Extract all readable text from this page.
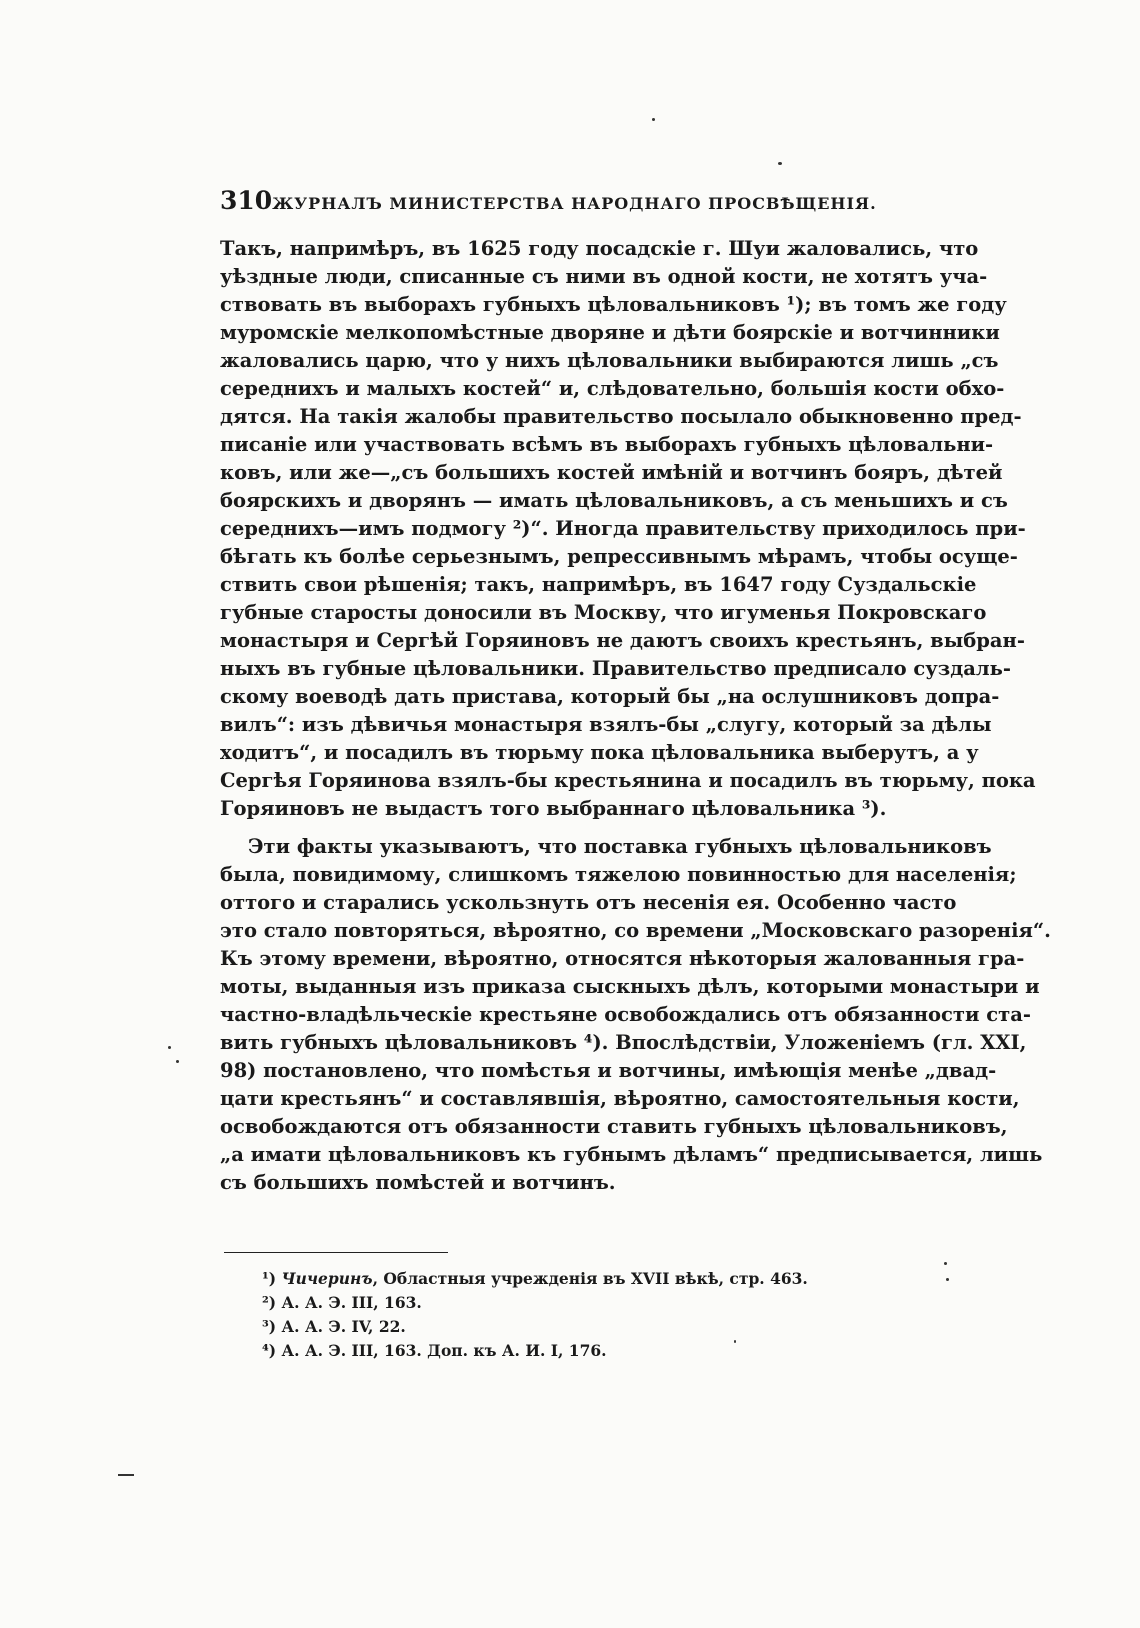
310 ЖУРНАЛЪ МИНИСТЕРСТВА НАРОДНАГО ПРОСВѢЩЕНІЯ.
Такъ, напримѣръ, въ 1625 году посадскіе г. Шуи жаловались, что
уѣздные люди, списанные съ ними въ одной кости, не хотятъ уча-
ствовать въ выборахъ губныхъ цѣловальниковъ ¹); въ томъ же году
муромскіе мелкопомѣстные дворяне и дѣти боярскіе и вотчинники
жаловались царю, что у нихъ цѣловальники выбираются лишь „съ
середнихъ и малыхъ костей“ и, слѣдовательно, большія кости обхо-
дятся. На такія жалобы правительство посылало обыкновенно пред-
писаніе или участвовать всѣмъ въ выборахъ губныхъ цѣловальни-
ковъ, или же—„съ большихъ костей имѣній и вотчинъ бояръ, дѣтей
боярскихъ и дворянъ — имать цѣловальниковъ, а съ меньшихъ и съ
середнихъ—имъ подмогу ²)“. Иногда правительству приходилось при-
бѣгать къ болѣе серьезнымъ, репрессивнымъ мѣрамъ, чтобы осуще-
ствить свои рѣшенія; такъ, напримѣръ, въ 1647 году Суздальскіе
губные старосты доносили въ Москву, что игуменья Покровскаго
монастыря и Сергѣй Горяиновъ не даютъ своихъ крестьянъ, выбран-
ныхъ въ губные цѣловальники. Правительство предписало суздаль-
скому воеводѣ дать пристава, который бы „на ослушниковъ допра-
вилъ“: изъ дѣвичья монастыря взялъ-бы „слугу, который за дѣлы
ходитъ“, и посадилъ въ тюрьму пока цѣловальника выберутъ, а у
Сергѣя Горяинова взялъ-бы крестьянина и посадилъ въ тюрьму, пока
Горяиновъ не выдастъ того выбраннаго цѣловальника ³).
Эти факты указываютъ, что поставка губныхъ цѣловальниковъ
была, повидимому, слишкомъ тяжелою повинностью для населенія;
оттого и старались ускользнуть отъ несенія ея. Особенно часто
это стало повторяться, вѣроятно, со времени „Московскаго разоренія“.
Къ этому времени, вѣроятно, относятся нѣкоторыя жалованныя гра-
моты, выданныя изъ приказа сыскныхъ дѣлъ, которыми монастыри и
частно-владѣльческіе крестьяне освобождались отъ обязанности ста-
вить губныхъ цѣловальниковъ ⁴). Впослѣдствіи, Уложеніемъ (гл. XXI,
98) постановлено, что помѣстья и вотчины, имѣющія менѣе „двад-
цати крестьянъ“ и составлявшія, вѣроятно, самостоятельныя кости,
освобождаются отъ обязанности ставить губныхъ цѣловальниковъ,
„а имати цѣловальниковъ къ губнымъ дѣламъ“ предписывается, лишь
съ большихъ помѣстей и вотчинъ.
¹) Чичеринъ, Областныя учрежденія въ XVII вѣкѣ, стр. 463.
²) А. А. Э. III, 163.
³) А. А. Э. IV, 22.
⁴) А. А. Э. III, 163. Доп. къ А. И. I, 176.
